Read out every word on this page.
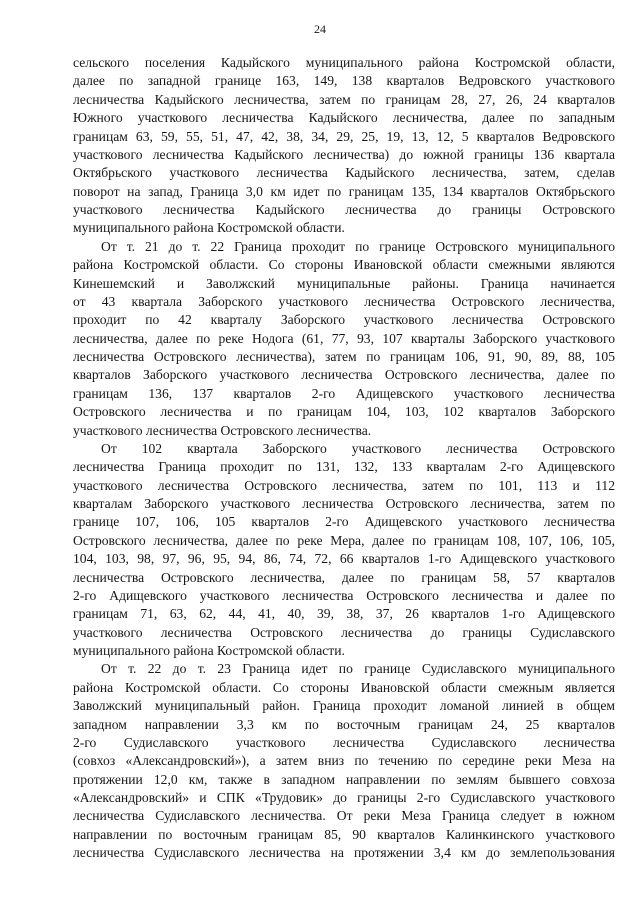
24
сельского поселения Кадыйского муниципального района Костромской области,
далее по западной границе 163, 149, 138 кварталов Ведровского участкового
лесничества Кадыйского лесничества, затем по границам 28, 27, 26, 24 кварталов
Южного участкового лесничества Кадыйского лесничества, далее по западным
границам 63, 59, 55, 51, 47, 42, 38, 34, 29, 25, 19, 13, 12, 5 кварталов Ведровского
участкового лесничества Кадыйского лесничества) до южной границы 136 квартала
Октябрьского участкового лесничества Кадыйского лесничества, затем, сделав
поворот на запад, Граница 3,0 км идет по границам 135, 134 кварталов Октябрьского
участкового лесничества Кадыйского лесничества до границы Островского
муниципального района Костромской области.
От т. 21 до т. 22 Граница проходит по границе Островского муниципального
района Костромской области. Со стороны Ивановской области смежными являются
Кинешемский и Заволжский муниципальные районы. Граница начинается
от 43 квартала Заборского участкового лесничества Островского лесничества,
проходит по 42 кварталу Заборского участкового лесничества Островского
лесничества, далее по реке Нодога (61, 77, 93, 107 кварталы Заборского участкового
лесничества Островского лесничества), затем по границам 106, 91, 90, 89, 88, 105
кварталов Заборского участкового лесничества Островского лесничества, далее по
границам 136, 137 кварталов 2-го Адищевского участкового лесничества
Островского лесничества и по границам 104, 103, 102 кварталов Заборского
участкового лесничества Островского лесничества.
От 102 квартала Заборского участкового лесничества Островского
лесничества Граница проходит по 131, 132, 133 кварталам 2-го Адищевского
участкового лесничества Островского лесничества, затем по 101, 113 и 112
кварталам Заборского участкового лесничества Островского лесничества, затем по
границе 107, 106, 105 кварталов 2-го Адищевского участкового лесничества
Островского лесничества, далее по реке Мера, далее по границам 108, 107, 106, 105,
104, 103, 98, 97, 96, 95, 94, 86, 74, 72, 66 кварталов 1-го Адищевского участкового
лесничества Островского лесничества, далее по границам 58, 57 кварталов
2-го Адищевского участкового лесничества Островского лесничества и далее по
границам 71, 63, 62, 44, 41, 40, 39, 38, 37, 26 кварталов 1-го Адищевского
участкового лесничества Островского лесничества до границы Судиславского
муниципального района Костромской области.
От т. 22 до т. 23 Граница идет по границе Судиславского муниципального
района Костромской области. Со стороны Ивановской области смежным является
Заволжский муниципальный район. Граница проходит ломаной линией в общем
западном направлении 3,3 км по восточным границам 24, 25 кварталов
2-го Судиславского участкового лесничества Судиславского лесничества
(совхоз «Александровский»), а затем вниз по течению по середине реки Меза на
протяжении 12,0 км, также в западном направлении по землям бывшего совхоза
«Александровский» и СПК «Трудовик» до границы 2-го Судиславского участкового
лесничества Судиславского лесничества. От реки Меза Граница следует в южном
направлении по восточным границам 85, 90 кварталов Калинкинского участкового
лесничества Судиславского лесничества на протяжении 3,4 км до землепользования
